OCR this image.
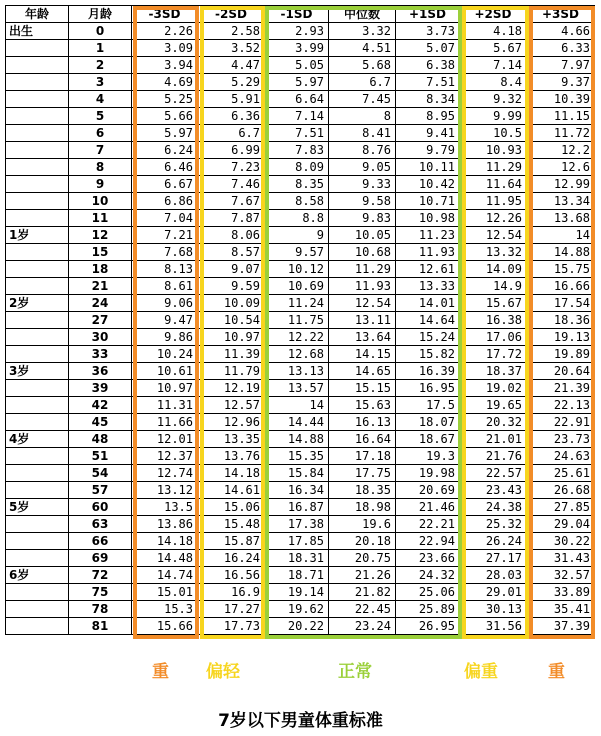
年龄	月龄	-3SD	-2SD	-1SD	中位数	+1SD	+2SD	+3SD
出生	0	2.26	2.58	2.93	3.32	3.73	4.18	4.66
	1	3.09	3.52	3.99	4.51	5.07	5.67	6.33
	2	3.94	4.47	5.05	5.68	6.38	7.14	7.97
	3	4.69	5.29	5.97	6.7	7.51	8.4	9.37
	4	5.25	5.91	6.64	7.45	8.34	9.32	10.39
	5	5.66	6.36	7.14	8	8.95	9.99	11.15
	6	5.97	6.7	7.51	8.41	9.41	10.5	11.72
	7	6.24	6.99	7.83	8.76	9.79	10.93	12.2
	8	6.46	7.23	8.09	9.05	10.11	11.29	12.6
	9	6.67	7.46	8.35	9.33	10.42	11.64	12.99
	10	6.86	7.67	8.58	9.58	10.71	11.95	13.34
	11	7.04	7.87	8.8	9.83	10.98	12.26	13.68
1岁	12	7.21	8.06	9	10.05	11.23	12.54	14
	15	7.68	8.57	9.57	10.68	11.93	13.32	14.88
	18	8.13	9.07	10.12	11.29	12.61	14.09	15.75
	21	8.61	9.59	10.69	11.93	13.33	14.9	16.66
2岁	24	9.06	10.09	11.24	12.54	14.01	15.67	17.54
	27	9.47	10.54	11.75	13.11	14.64	16.38	18.36
	30	9.86	10.97	12.22	13.64	15.24	17.06	19.13
	33	10.24	11.39	12.68	14.15	15.82	17.72	19.89
3岁	36	10.61	11.79	13.13	14.65	16.39	18.37	20.64
	39	10.97	12.19	13.57	15.15	16.95	19.02	21.39
	42	11.31	12.57	14	15.63	17.5	19.65	22.13
	45	11.66	12.96	14.44	16.13	18.07	20.32	22.91
4岁	48	12.01	13.35	14.88	16.64	18.67	21.01	23.73
	51	12.37	13.76	15.35	17.18	19.3	21.76	24.63
	54	12.74	14.18	15.84	17.75	19.98	22.57	25.61
	57	13.12	14.61	16.34	18.35	20.69	23.43	26.68
5岁	60	13.5	15.06	16.87	18.98	21.46	24.38	27.85
	63	13.86	15.48	17.38	19.6	22.21	25.32	29.04
	66	14.18	15.87	17.85	20.18	22.94	26.24	30.22
	69	14.48	16.24	18.31	20.75	23.66	27.17	31.43
6岁	72	14.74	16.56	18.71	21.26	24.32	28.03	32.57
	75	15.01	16.9	19.14	21.82	25.06	29.01	33.89
	78	15.3	17.27	19.62	22.45	25.89	30.13	35.41
	81	15.66	17.73	20.22	23.24	26.95	31.56	37.39
重 偏轻	正常	偏重	重
7岁以下男童体重标准
